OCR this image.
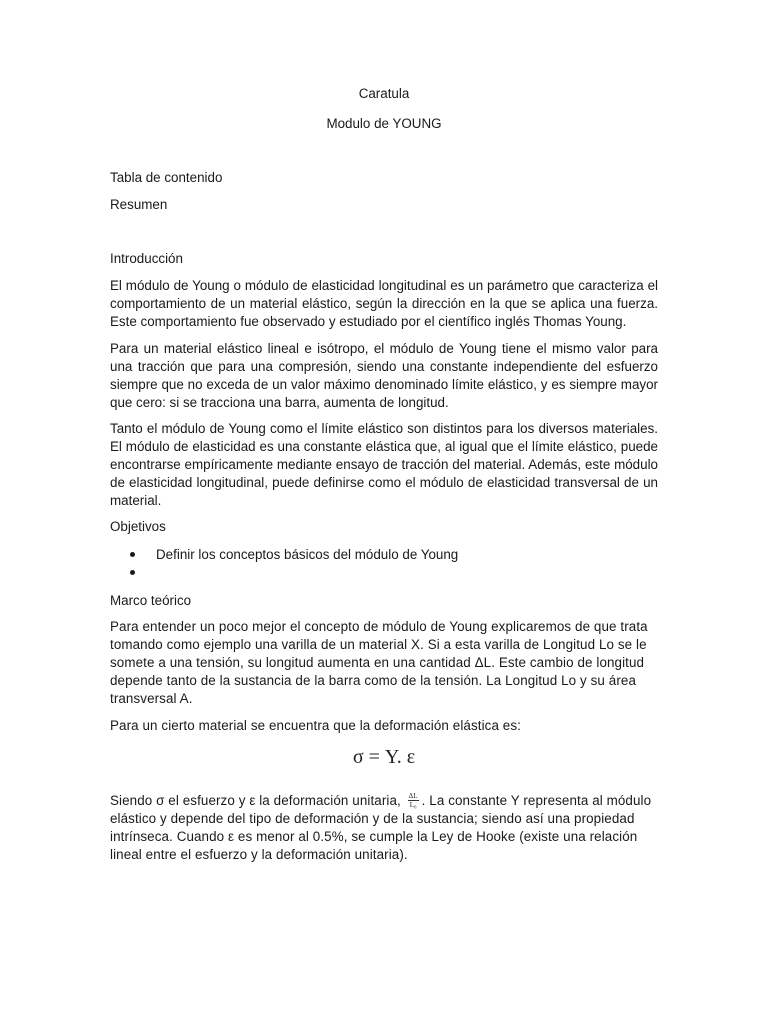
Caratula
Modulo de YOUNG
Tabla de contenido
Resumen
Introducción
El módulo de Young o módulo de elasticidad longitudinal es un parámetro que caracteriza el comportamiento de un material elástico, según la dirección en la que se aplica una fuerza. Este comportamiento fue observado y estudiado por el científico inglés Thomas Young.
Para un material elástico lineal e isótropo, el módulo de Young tiene el mismo valor para una tracción que para una compresión, siendo una constante independiente del esfuerzo siempre que no exceda de un valor máximo denominado límite elástico, y es siempre mayor que cero: si se tracciona una barra, aumenta de longitud.
Tanto el módulo de Young como el límite elástico son distintos para los diversos materiales. El módulo de elasticidad es una constante elástica que, al igual que el límite elástico, puede encontrarse empíricamente mediante ensayo de tracción del material. Además, este módulo de elasticidad longitudinal, puede definirse como el módulo de elasticidad transversal de un material.
Objetivos
Definir los conceptos básicos del módulo de Young
Marco teórico
Para entender un poco mejor el concepto de módulo de Young explicaremos de que trata tomando como ejemplo una varilla de un material X. Si a esta varilla de Longitud Lo se le somete a una tensión, su longitud aumenta en una cantidad ΔL. Este cambio de longitud depende tanto de la sustancia de la barra como de la tensión. La Longitud Lo y su área transversal A.
Para un cierto material se encuentra que la deformación elástica es:
σ = Y. ε
Siendo σ el esfuerzo y ε la deformación unitaria, $\frac{\Delta L}{\text{L₀}}$ . La constante Y representa al módulo elástico y depende del tipo de deformación y de la sustancia; siendo así una propiedad intrínseca. Cuando ε es menor al 0.5%, se cumple la Ley de Hooke (existe una relación lineal entre el esfuerzo y la deformación unitaria).
